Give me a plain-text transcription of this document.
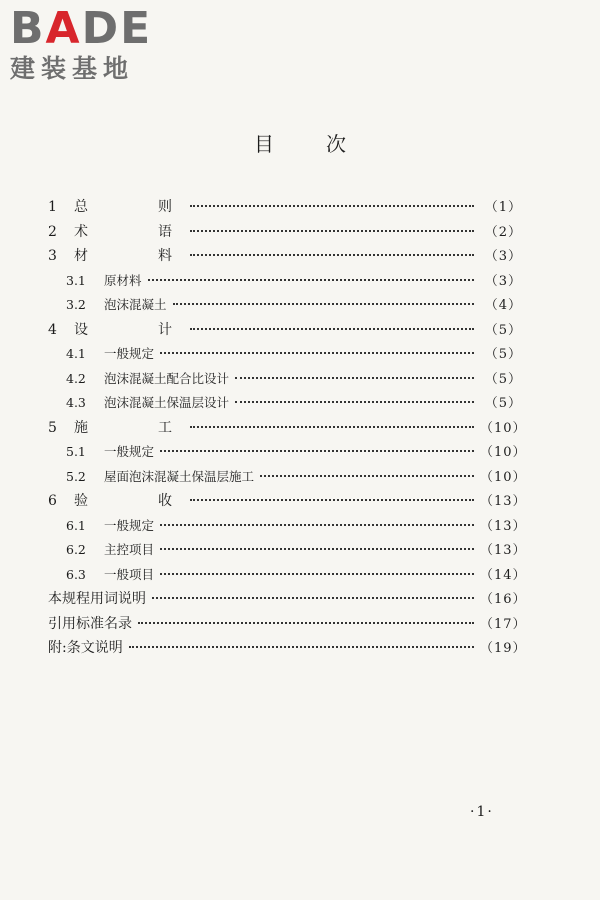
BADE
建装基地
目次
1	总　则	（1）
2	术　语	（2）
3	材　料	（3）
3.1	原材料	（3）
3.2	泡沫混凝土	（4）
4	设　计	（5）
4.1	一般规定	（5）
4.2	泡沫混凝土配合比设计	（5）
4.3	泡沫混凝土保温层设计	（5）
5	施　工	（10）
5.1	一般规定	（10）
5.2	屋面泡沫混凝土保温层施工	（10）
6	验　收	（13）
6.1	一般规定	（13）
6.2	主控项目	（13）
6.3	一般项目	（14）
本规程用词说明	（16）
引用标准名录	（17）
附:条文说明	（19）
·1·
